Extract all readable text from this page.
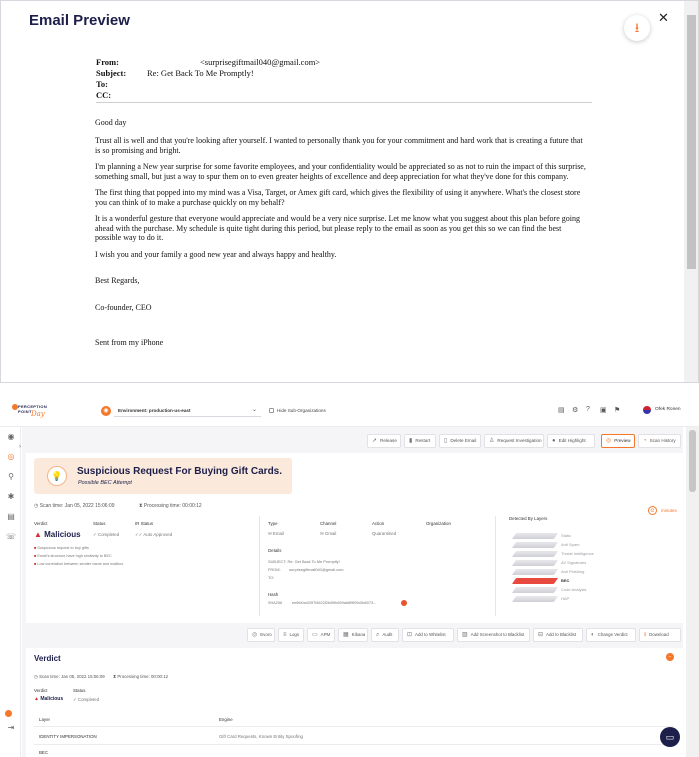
Email Preview	⭳
✕
From:	<surprisegiftmail040@gmail.com>
Subject: Re: Get Back To Me Promptly!
To:
CC:
Good day
Trust all is well and that you're looking after yourself. I wanted to personally thank you for your commitment and hard work that is creating a future that is so promising and bright.
I'm planning a New year surprise for some favorite employees, and your confidentiality would be appreciated so as not to ruin the impact of this surprise, something small, but just a way to spur them on to even greater heights of excellence and deep appreciation for what they've done for this company.
The first thing that popped into my mind was a Visa, Target, or Amex gift card, which gives the flexibility of using it anywhere. What's the closest store you can think of to make a purchase quickly on my behalf?
It is a wonderful gesture that everyone would appreciate and would be a very nice surprise. Let me know what you suggest about this plan before going ahead with the purchase. My schedule is quite tight during this period, but please reply to the email as soon as you get this so we can find the best possible way to do it.
I wish you and your family a good new year and always happy and healthy.
Best Regards,
Co-founder, CEO
Sent from my iPhone
PERCEPTION
POINT Day	◉	Environment: production-us-east	⌄	Hide Sub-Organizations	▤ ⚙ ? ▣ ⚑	Ofek Ronen
◉
◎
⚲
✱
▤
☏
⇥
›
➚ Release	▮ Restart	▯ Delete Email	♙ Request Investigation	● Edit Highlight	◎ Preview	◔ Scan History
💡	Suspicious Request For Buying Gift Cards.
Possible BEC Attempt
◷ Scan time: Jan 05, 2022 15:06:09	⧗ Processing time: 00:00:12
⏲	minutes
Verdict
▲ Malicious
Status
✓ Completed
IR Status
✓✓ Auto Approved
■ Suspicious request to buy gifts
■ Email's structure have high similarity to BEC
■ Low correlation between sender name and mailbox
Type
✉ Email
Channel
✉ Gmail
Action
Quarantined
Organization
Details
SUBJECT: Re: Get Back To Me Promptly!
FROM:        surprisegiftmail040@gmail.com
TO:
Hash
SHA256	ee6fd0a420f7f4622f2b0f9b659ab8f9f09c5b6073...
Detected By Layers
Static
Anti Spam
Threat Intelligence
AV Signatures
Anti Phishing
BEC
Code Analysis
HAP
◎ Evoro	≡ Logs	▭ APM	▦ Kibana	⌕ Audit	⊡ Add to Whitelist	▨ Add Screenshot to Blacklist	⊟ Add to Blacklist	◐ Change Verdict	⭳ Download
Verdict	−
◷ Scan time: Jan 05, 2022 15:06:09 ⧗ Processing time: 00:00:12
Verdict
▲ Malicious
Status
✓ Completed
Layer	Engine
IDENTITY IMPERSONATION	Gift Card Requests, Known Entity Spoofing
BEC
▭
